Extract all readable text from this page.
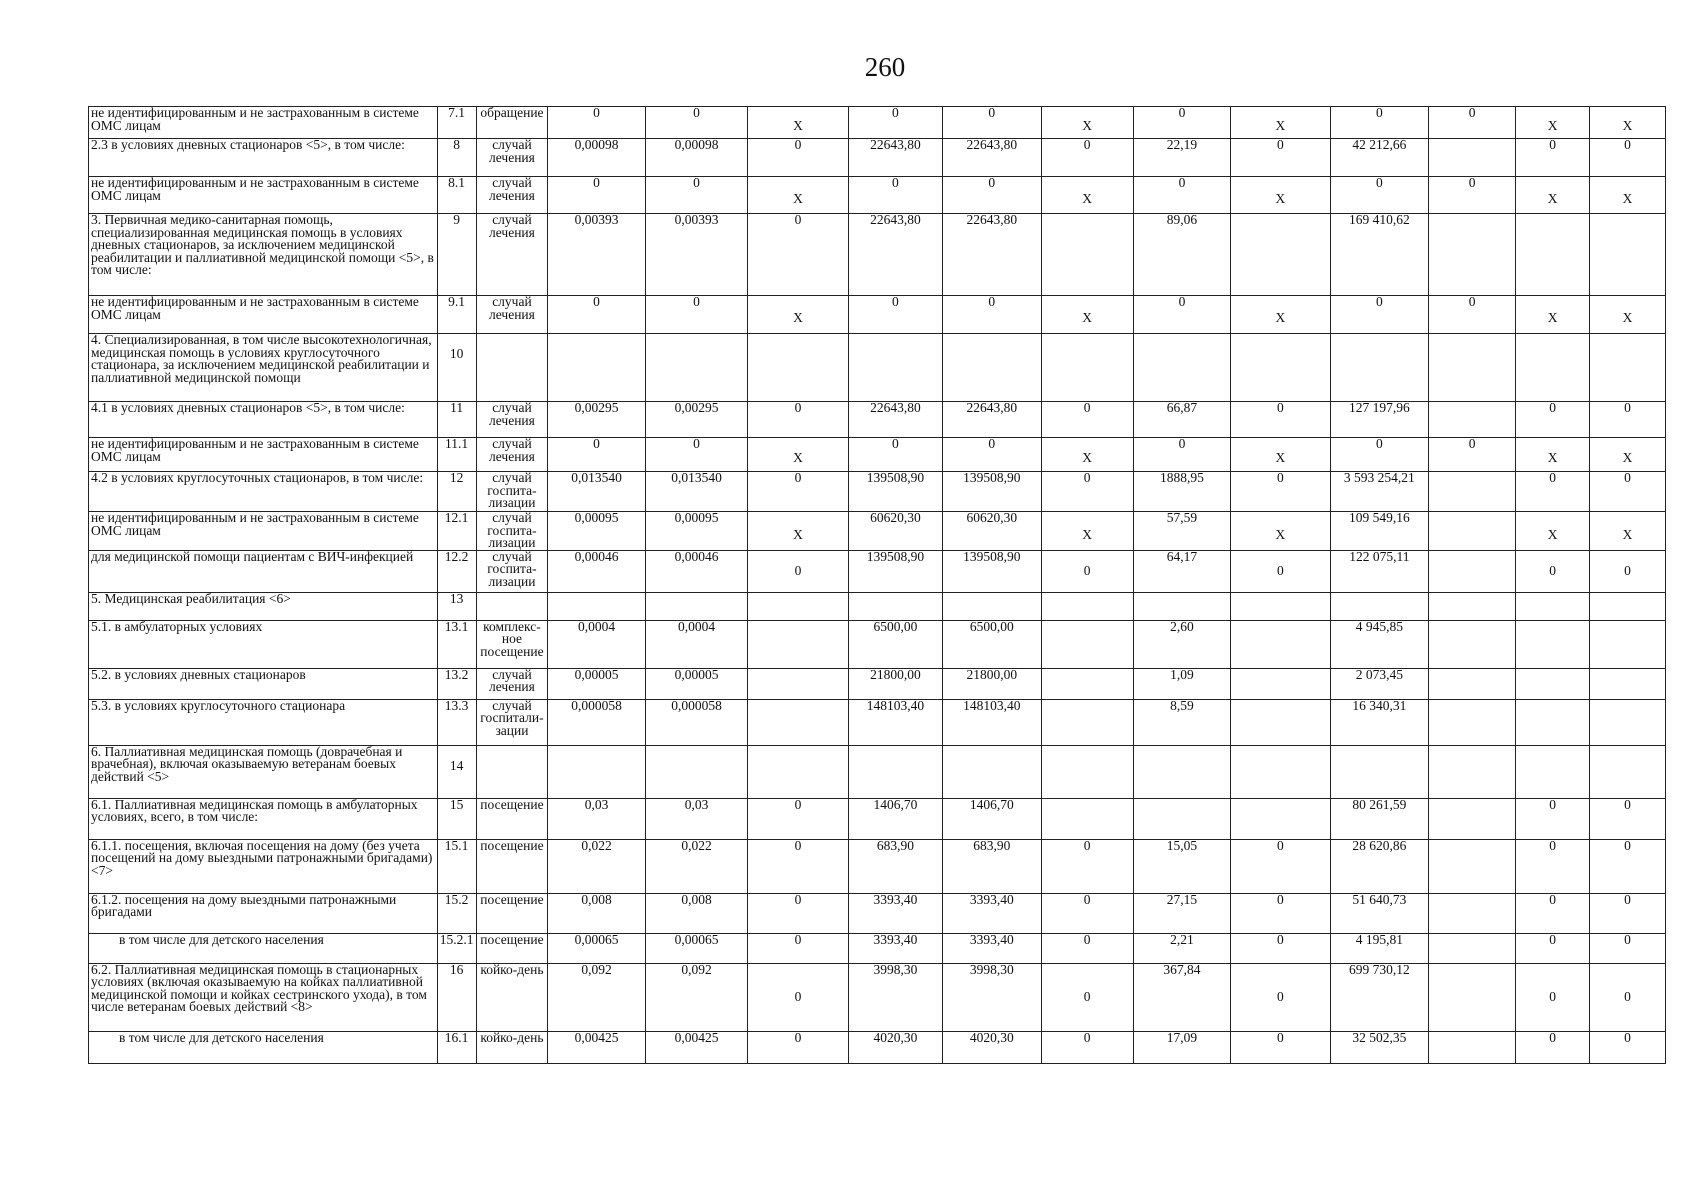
260
не идентифицированным и не застрахованным в системе ОМС лицам	7.1	обращение	0	0	X	0	0	X	0	X	0	0	X	X
2.3 в условиях дневных стационаров <5>, в том числе:	8	случай лечения	0,00098	0,00098	0	22643,80	22643,80	0	22,19	0	42 212,66		0	0
не идентифицированным и не застрахованным в системе ОМС лицам	8.1	случай лечения	0	0	X	0	0	X	0	X	0	0	X	X
3. Первичная медико-санитарная помощь, специализированная медицинская помощь в условиях дневных стационаров, за исключением медицинской реабилитации и паллиативной медицинской помощи <5>, в том числе:	9	случай лечения	0,00393	0,00393	0	22643,80	22643,80		89,06		169 410,62			
не идентифицированным и не застрахованным в системе ОМС лицам	9.1	случай лечения	0	0	X	0	0	X	0	X	0	0	X	X
4. Специализированная, в том числе высокотехнологичная, медицинская помощь в условиях круглосуточного стационара, за исключением медицинской реабилитации и паллиативной медицинской помощи	10													
4.1 в условиях дневных стационаров <5>, в том числе:	11	случай лечения	0,00295	0,00295	0	22643,80	22643,80	0	66,87	0	127 197,96		0	0
не идентифицированным и не застрахованным в системе ОМС лицам	11.1	случай лечения	0	0	X	0	0	X	0	X	0	0	X	X
4.2 в условиях круглосуточных стационаров, в том числе:	12	случай госпита-лизации	0,013540	0,013540	0	139508,90	139508,90	0	1888,95	0	3 593 254,21		0	0
не идентифицированным и не застрахованным в системе ОМС лицам	12.1	случай госпита-лизации	0,00095	0,00095	X	60620,30	60620,30	X	57,59	X	109 549,16		X	X
для медицинской помощи пациентам с ВИЧ-инфекцией	12.2	случай госпита-лизации	0,00046	0,00046	0	139508,90	139508,90	0	64,17	0	122 075,11		0	0
5. Медицинская реабилитация <6>	13													
5.1. в амбулаторных условиях	13.1	комплекс-ное посещение	0,0004	0,0004		6500,00	6500,00		2,60		4 945,85			
5.2. в условиях дневных стационаров	13.2	случай лечения	0,00005	0,00005		21800,00	21800,00		1,09		2 073,45			
5.3. в условиях круглосуточного стационара	13.3	случай госпитали-зации	0,000058	0,000058		148103,40	148103,40		8,59		16 340,31			
6. Паллиативная медицинская помощь (доврачебная и врачебная), включая оказываемую ветеранам боевых действий <5>	14													
6.1. Паллиативная медицинская помощь в амбулаторных условиях, всего, в том числе:	15	посещение	0,03	0,03	0	1406,70	1406,70				80 261,59		0	0
6.1.1. посещения, включая посещения на дому (без учета посещений на дому выездными патронажными бригадами) <7>	15.1	посещение	0,022	0,022	0	683,90	683,90	0	15,05	0	28 620,86		0	0
6.1.2. посещения на дому выездными патронажными бригадами	15.2	посещение	0,008	0,008	0	3393,40	3393,40	0	27,15	0	51 640,73		0	0
в том числе для детского населения	15.2.1	посещение	0,00065	0,00065	0	3393,40	3393,40	0	2,21	0	4 195,81		0	0
6.2. Паллиативная медицинская помощь в стационарных условиях (включая оказываемую на койках паллиативной медицинской помощи и койках сестринского ухода), в том числе ветеранам боевых действий <8>	16	койко-день	0,092	0,092	0	3998,30	3998,30	0	367,84	0	699 730,12		0	0
в том числе для детского населения	16.1	койко-день	0,00425	0,00425	0	4020,30	4020,30	0	17,09	0	32 502,35		0	0
